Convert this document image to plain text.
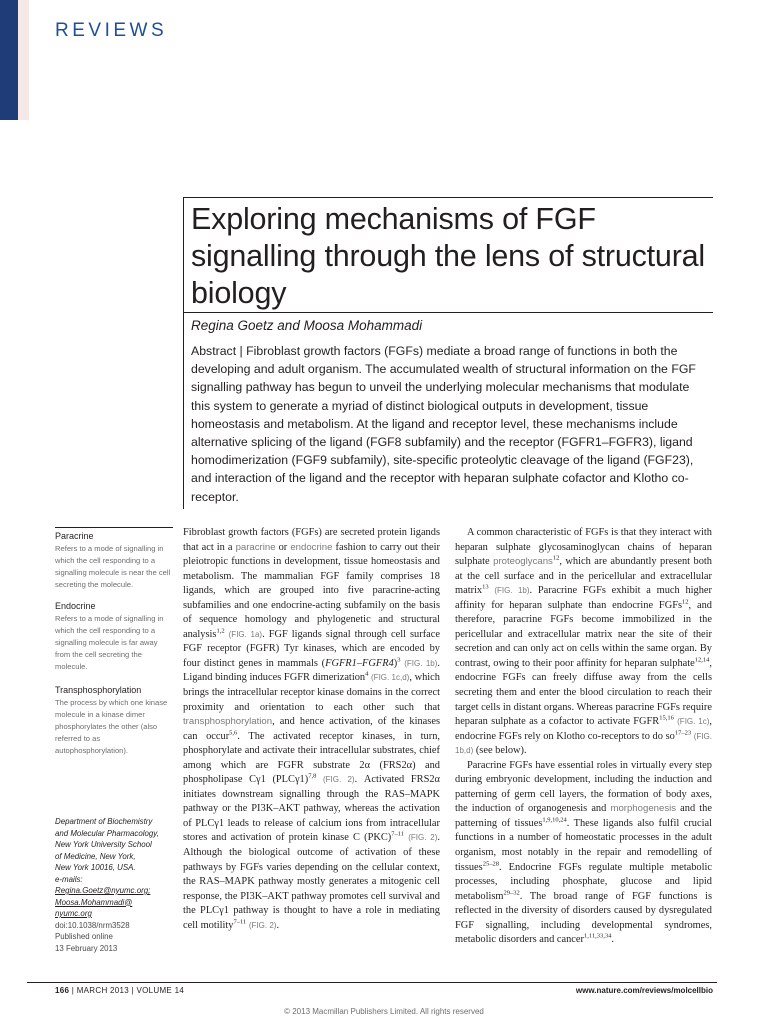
REVIEWS
Exploring mechanisms of FGF signalling through the lens of structural biology

Regina Goetz and Moosa Mohammadi

Abstract | Fibroblast growth factors (FGFs) mediate a broad range of functions in both the developing and adult organism. The accumulated wealth of structural information on the FGF signalling pathway has begun to unveil the underlying molecular mechanisms that modulate this system to generate a myriad of distinct biological outputs in development, tissue homeostasis and metabolism. At the ligand and receptor level, these mechanisms include alternative splicing of the ligand (FGF8 subfamily) and the receptor (FGFR1–FGFR3), ligand homodimerization (FGF9 subfamily), site-specific proteolytic cleavage of the ligand (FGF23), and interaction of the ligand and the receptor with heparan sulphate cofactor and Klotho co-receptor.

Paracrine

Refers to a mode of signalling in which the cell responding to a signalling molecule is near the cell secreting the molecule.

Endocrine

Refers to a mode of signalling in which the cell responding to a signalling molecule is far away from the cell secreting the molecule.

Transphosphorylation

The process by which one kinase molecule in a kinase dimer phosphorylates the other (also referred to as autophosphorylation).

Department of Biochemistry

and Molecular Pharmacology,

New York University School

of Medicine, New York,

New York 10016, USA.

e-mails:

Regina.Goetz@nyumc.org;

Moosa.Mohammadi@

nyumc.org

doi:10.1038/nrm3528

Published online

13 February 2013

Fibroblast growth factors (FGFs) are secreted protein ligands that act in a paracrine or endocrine fashion to carry out their pleiotropic functions in development, tissue homeostasis and metabolism. The mammalian FGF family comprises 18 ligands, which are grouped into five paracrine-acting subfamilies and one endocrine-acting subfamily on the basis of sequence homology and phylogenetic and structural analysis$^{1,2}$ (FIG. 1a). FGF ligands signal through cell surface FGF receptor (FGFR) Tyr kinases, which are encoded by four distinct genes in mammals (FGFR1–FGFR4)$^3$ (FIG. 1b). Ligand binding induces FGFR dimerization$^4$ (FIG. 1c,d), which brings the intracellular receptor kinase domains in the correct proximity and orientation to each other such that transphosphorylation, and hence activation, of the kinases can occur$^{5,6}$. The activated receptor kinases, in turn, phosphorylate and activate their intracellular substrates, chief among which are FGFR substrate 2α (FRS2α) and phospholipase Cγ1 $(PLC\gamma 1)^{7,8}$ (FIG. 2). Activated FRS2α initiates downstream signalling through the RAS–MAPK pathway or the PI3K–AKT pathway, whereas the activation of PLCγ1 leads to release of calcium ions from intracellular stores and activation of protein kinase C (PKC)$^{7-11}$ (FIG. 2). Although the biological outcome of activation of these pathways by FGFs varies depending on the cellular context, the RAS–MAPK pathway mostly generates a mitogenic cell response, the PI3K–AKT pathway promotes cell survival and the PLCγ1 pathway is thought to have a role in mediating cell motility$^{7-11}$ (FIG. 2).

A common characteristic of FGFs is that they interact with heparan sulphate glycosaminoglycan chains of heparan sulphate proteoglycans$^{12}$, which are abundantly present both at the cell surface and in the pericellular and extracellular matrix$^{13}$ (FIG. 1b). Paracrine FGFs exhibit a much higher affinity for heparan sulphate than endocrine FGFs$^{12}$, and therefore, paracrine FGFs become immobilized in the pericellular and extracellular matrix near the site of their secretion and can only act on cells within the same organ. By contrast, owing to their poor affinity for heparan sulphate$^{12,14}$, endocrine FGFs can freely diffuse away from the cells secreting them and enter the blood circulation to reach their target cells in distant organs. Whereas paracrine FGFs require heparan sulphate as a cofactor to activate FGFR$^{15,16}$ (FIG. 1c), endocrine FGFs rely on Klotho co-receptors to do $so^{17-23}$ (FIG. 1b,d) (see below).

Paracrine FGFs have essential roles in virtually every step during embryonic development, including the induction and patterning of germ cell layers, the formation of body axes, the induction of organogenesis and morphogenesis and the patterning of tissues$^{1,9,10,24}$. These ligands also fulfil crucial functions in a number of homeostatic processes in the adult organism, most notably in the repair and remodelling of tissues$^{25-28}$. Endocrine FGFs regulate multiple metabolic processes, including phosphate, glucose and lipid metabolism$^{29-32}$. The broad range of FGF functions is reflected in the diversity of disorders caused by dysregulated FGF signalling, including developmental syndromes, metabolic disorders and cancer$^{1,11,33,34}$.

166 | MARCH 2013 | VOLUME 14	www.nature.com/reviews/molcellbio

© 2013 Macmillan Publishers Limited. All rights reserved
